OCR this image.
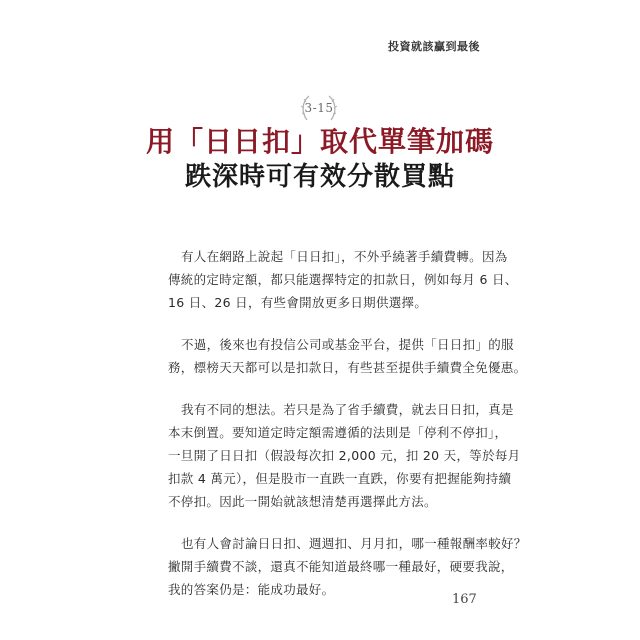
投資就該贏到最後
3-15
用「日日扣」取代單筆加碼
跌深時可有效分散買點

有人在網路上說起「日日扣」，不外乎繞著手續費轉。因為
傳統的定時定額，都只能選擇特定的扣款日，例如每月 6 日、
16 日、26 日，有些會開放更多日期供選擇。

不過，後來也有投信公司或基金平台，提供「日日扣」的服
務，標榜天天都可以是扣款日，有些甚至提供手續費全免優惠。

我有不同的想法。若只是為了省手續費，就去日日扣，真是
本末倒置。要知道定時定額需遵循的法則是「停利不停扣」，
一旦開了日日扣（假設每次扣 2,000 元，扣 20 天，等於每月
扣款 4 萬元），但是股市一直跌一直跌，你要有把握能夠持續
不停扣。因此一開始就該想清楚再選擇此方法。

也有人會討論日日扣、週週扣、月月扣，哪一種報酬率較好？
撇開手續費不談，還真不能知道最終哪一種最好，硬要我說，
我的答案仍是：能成功最好。

167
